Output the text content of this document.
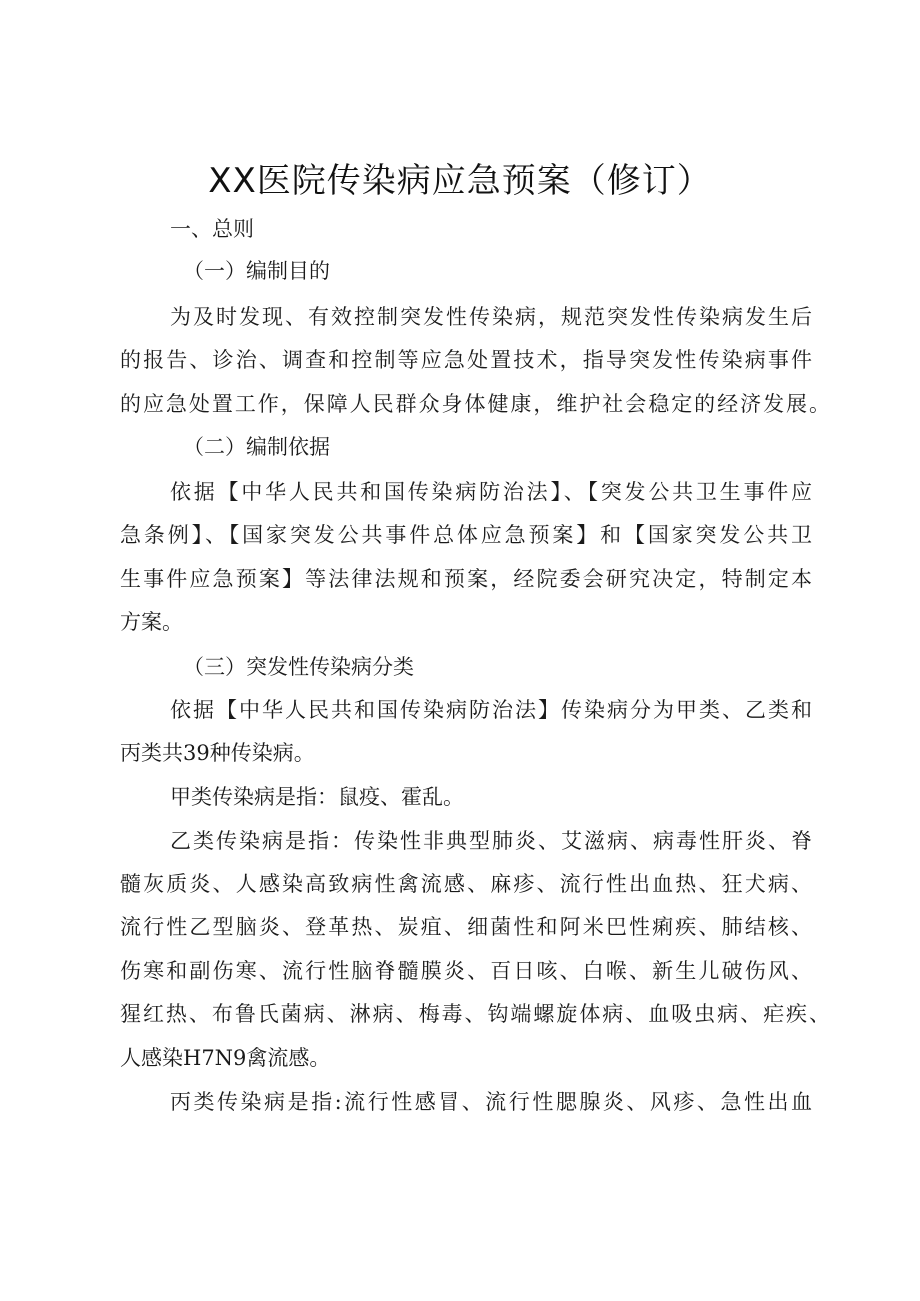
XX医院传染病应急预案（修订）
一、总则
（一）编制目的
为及时发现、有效控制突发性传染病，规范突发性传染病发生后
的报告、诊治、调查和控制等应急处置技术，指导突发性传染病事件
的应急处置工作，保障人民群众身体健康，维护社会稳定的经济发展。
（二）编制依据
依据【中华人民共和国传染病防治法】、【突发公共卫生事件应
急条例】、【国家突发公共事件总体应急预案】和【国家突发公共卫
生事件应急预案】等法律法规和预案，经院委会研究决定，特制定本
方案。
（三）突发性传染病分类
依据【中华人民共和国传染病防治法】传染病分为甲类、乙类和
丙类共39种传染病。
甲类传染病是指：鼠疫、霍乱。
乙类传染病是指：传染性非典型肺炎、艾滋病、病毒性肝炎、脊
髓灰质炎、人感染高致病性禽流感、麻疹、流行性出血热、狂犬病、
流行性乙型脑炎、登革热、炭疽、细菌性和阿米巴性痢疾、肺结核、
伤寒和副伤寒、流行性脑脊髓膜炎、百日咳、白喉、新生儿破伤风、
猩红热、布鲁氏菌病、淋病、梅毒、钩端螺旋体病、血吸虫病、疟疾、
人感染H7N9禽流感。
丙类传染病是指:流行性感冒、流行性腮腺炎、风疹、急性出血
